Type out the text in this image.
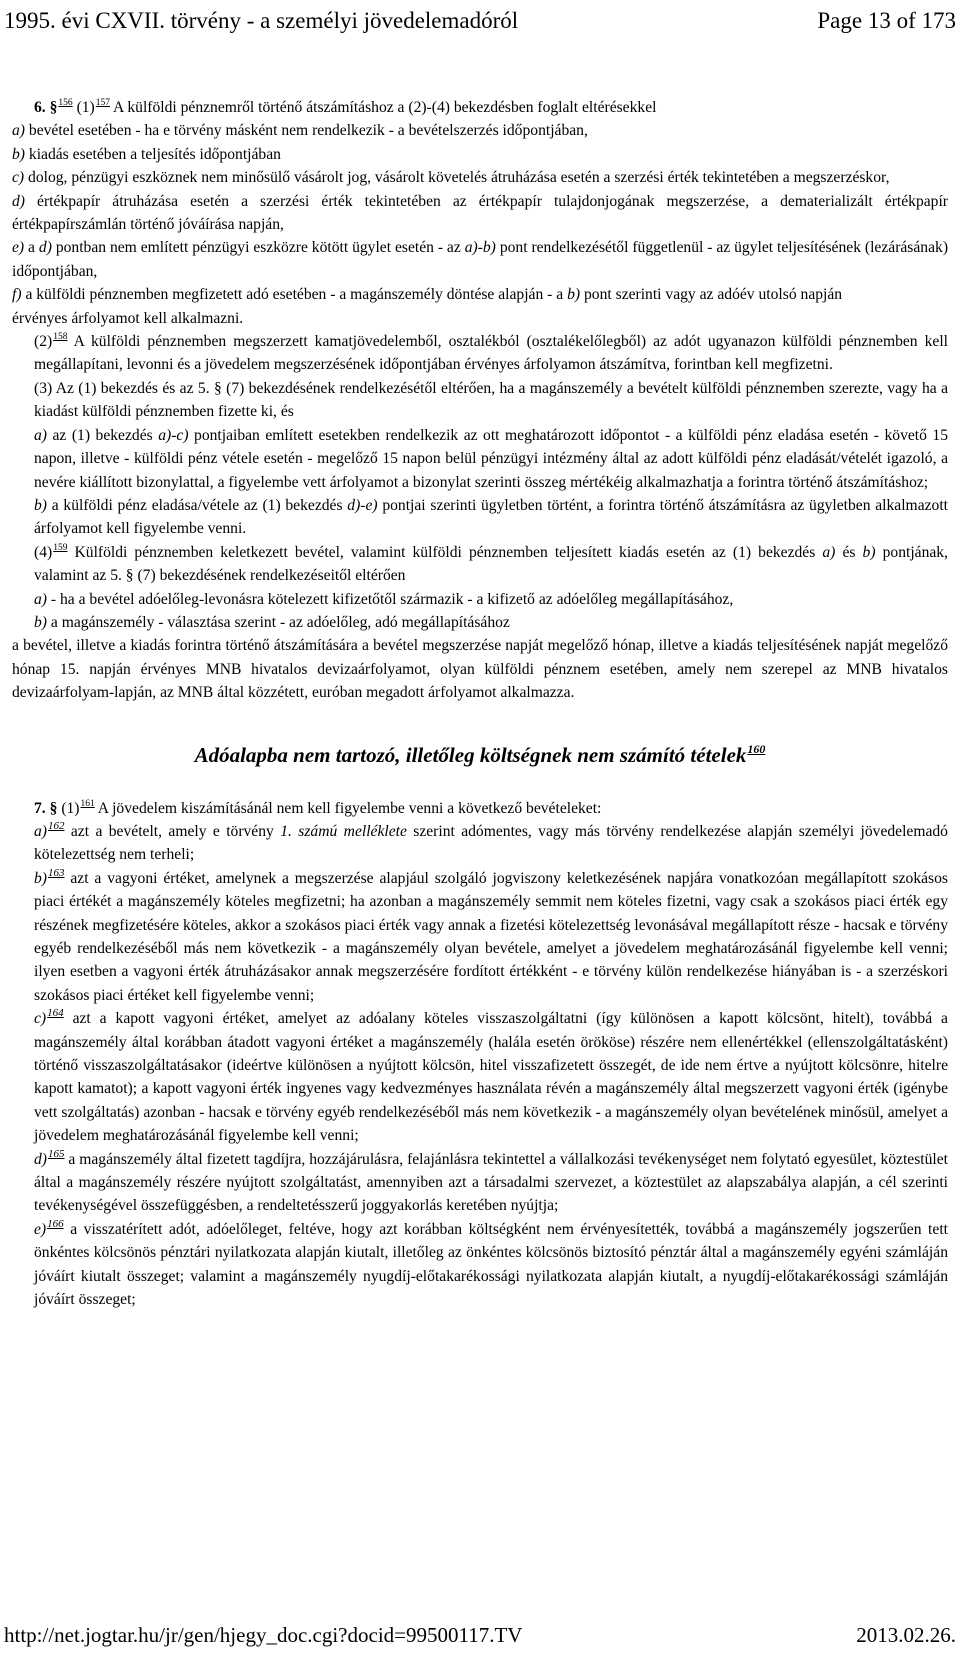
1995. évi CXVII. törvény - a személyi jövedelemadóról	Page 13 of 173

6. §$^{156}$ (1)$^{157}$ A külföldi pénznemről történő átszámításhoz a (2)-(4) bekezdésben foglalt eltérésekkel

a) bevétel esetében - ha e törvény másként nem rendelkezik - a bevételszerzés időpontjában,

b) kiadás esetében a teljesítés időpontjában

c) dolog, pénzügyi eszköznek nem minősülő vásárolt jog, vásárolt követelés átruházása esetén a szerzési érték tekintetében a megszerzéskor,

d) értékpapír átruházása esetén a szerzési érték tekintetében az értékpapír tulajdonjogának megszerzése, a dematerializált értékpapír értékpapírszámlán történő jóváírása napján,

e) a d) pontban nem említett pénzügyi eszközre kötött ügylet esetén - az a)-b) pont rendelkezésétől függetlenül - az ügylet teljesítésének (lezárásának) időpontjában,

f) a külföldi pénznemben megfizetett adó esetében - a magánszemély döntése alapján - a b) pont szerinti vagy az adóév utolsó napján

érvényes árfolyamot kell alkalmazni.

(2)$^{158}$ A külföldi pénznemben megszerzett kamatjövedelemből, osztalékból (osztalékelőlegből) az adót ugyanazon külföldi pénznemben kell megállapítani, levonni és a jövedelem megszerzésének időpontjában érvényes árfolyamon átszámítva, forintban kell megfizetni.

(3) Az (1) bekezdés és az 5. § (7) bekezdésének rendelkezésétől eltérően, ha a magánszemély a bevételt külföldi pénznemben szerezte, vagy ha a kiadást külföldi pénznemben fizette ki, és

a) az (1) bekezdés a)-c) pontjaiban említett esetekben rendelkezik az ott meghatározott időpontot - a külföldi pénz eladása esetén - követő 15 napon, illetve - külföldi pénz vétele esetén - megelőző 15 napon belül pénzügyi intézmény által az adott külföldi pénz eladását/vételét igazoló, a nevére kiállított bizonylattal, a figyelembe vett árfolyamot a bizonylat szerinti összeg mértékéig alkalmazhatja a forintra történő átszámításhoz;

b) a külföldi pénz eladása/vétele az (1) bekezdés d)-e) pontjai szerinti ügyletben történt, a forintra történő átszámításra az ügyletben alkalmazott árfolyamot kell figyelembe venni.

(4)$^{159}$ Külföldi pénznemben keletkezett bevétel, valamint külföldi pénznemben teljesített kiadás esetén az (1) bekezdés a) és b) pontjának, valamint az 5. § (7) bekezdésének rendelkezéseitől eltérően

a) - ha a bevétel adóelőleg-levonásra kötelezett kifizetőtől származik - a kifizető az adóelőleg megállapításához,

b) a magánszemély - választása szerint - az adóelőleg, adó megállapításához

a bevétel, illetve a kiadás forintra történő átszámítására a bevétel megszerzése napját megelőző hónap, illetve a kiadás teljesítésének napját megelőző hónap 15. napján érvényes MNB hivatalos devizaárfolyamot, olyan külföldi pénznem esetében, amely nem szerepel az MNB hivatalos devizaárfolyam-lapján, az MNB által közzétett, euróban megadott árfolyamot alkalmazza.

Adóalapba nem tartozó, illetőleg költségnek nem számító tételek$^{160}$

7. § (1)$^{161}$ A jövedelem kiszámításánál nem kell figyelembe venni a következő bevételeket:

a)$^{162}$ azt a bevételt, amely e törvény 1. számú melléklete szerint adómentes, vagy más törvény rendelkezése alapján személyi jövedelemadó kötelezettség nem terheli;

b)$^{163}$ azt a vagyoni értéket, amelynek a megszerzése alapjául szolgáló jogviszony keletkezésének napjára vonatkozóan megállapított szokásos piaci értékét a magánszemély köteles megfizetni; ha azonban a magánszemély semmit nem köteles fizetni, vagy csak a szokásos piaci érték egy részének megfizetésére köteles, akkor a szokásos piaci érték vagy annak a fizetési kötelezettség levonásával megállapított része - hacsak e törvény egyéb rendelkezéséből más nem következik - a magánszemély olyan bevétele, amelyet a jövedelem meghatározásánál figyelembe kell venni; ilyen esetben a vagyoni érték átruházásakor annak megszerzésére fordított értékként - e törvény külön rendelkezése hiányában is - a szerzéskori szokásos piaci értéket kell figyelembe venni;

c)$^{164}$ azt a kapott vagyoni értéket, amelyet az adóalany köteles visszaszolgáltatni (így különösen a kapott kölcsönt, hitelt), továbbá a magánszemély által korábban átadott vagyoni értéket a magánszemély (halála esetén örököse) részére nem ellenértékkel (ellenszolgáltatásként) történő visszaszolgáltatásakor (ideértve különösen a nyújtott kölcsön, hitel visszafizetett összegét, de ide nem értve a nyújtott kölcsönre, hitelre kapott kamatot); a kapott vagyoni érték ingyenes vagy kedvezményes használata révén a magánszemély által megszerzett vagyoni érték (igénybe vett szolgáltatás) azonban - hacsak e törvény egyéb rendelkezéséből más nem következik - a magánszemély olyan bevételének minősül, amelyet a jövedelem meghatározásánál figyelembe kell venni;

d)$^{165}$ a magánszemély által fizetett tagdíjra, hozzájárulásra, felajánlásra tekintettel a vállalkozási tevékenységet nem folytató egyesület, köztestület által a magánszemély részére nyújtott szolgáltatást, amennyiben azt a társadalmi szervezet, a köztestület az alapszabálya alapján, a cél szerinti tevékenységével összefüggésben, a rendeltetésszerű joggyakorlás keretében nyújtja;

e)$^{166}$ a visszatérített adót, adóelőleget, feltéve, hogy azt korábban költségként nem érvényesítették, továbbá a magánszemély jogszerűen tett önkéntes kölcsönös pénztári nyilatkozata alapján kiutalt, illetőleg az önkéntes kölcsönös biztosító pénztár által a magánszemély egyéni számláján jóváírt kiutalt összeget; valamint a magánszemély nyugdíj-előtakarékossági nyilatkozata alapján kiutalt, a nyugdíj-előtakarékossági számláján jóváírt összeget;

http://net.jogtar.hu/jr/gen/hjegy_doc.cgi?docid=99500117.TV	2013.02.26.
